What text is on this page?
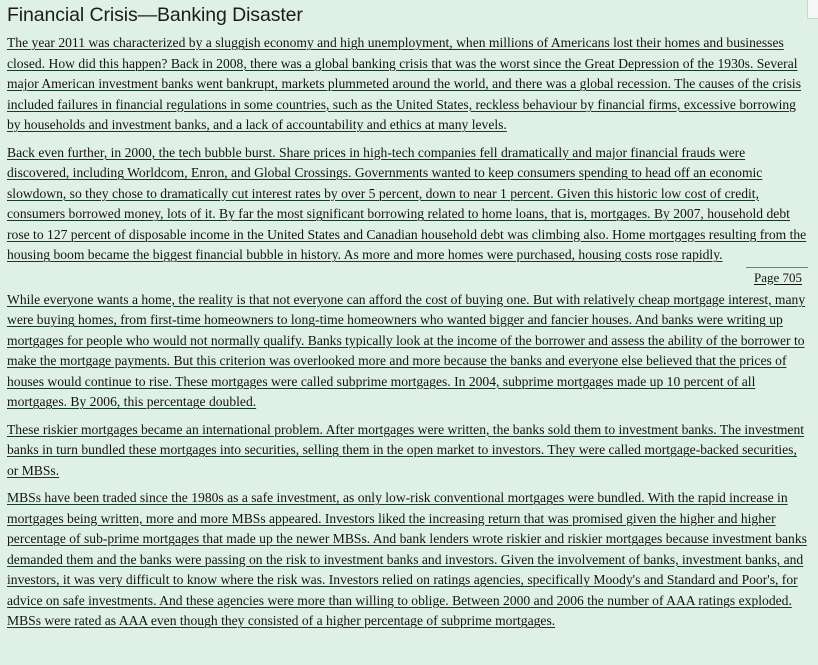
Financial Crisis—Banking Disaster

The year 2011 was characterized by a sluggish economy and high unemployment, when millions of Americans lost their homes and businesses closed. How did this happen? Back in 2008, there was a global banking crisis that was the worst since the Great Depression of the 1930s. Several major American investment banks went bankrupt, markets plummeted around the world, and there was a global recession. The causes of the crisis included failures in financial regulations in some countries, such as the United States, reckless behaviour by financial firms, excessive borrowing by households and investment banks, and a lack of accountability and ethics at many levels.

Back even further, in 2000, the tech bubble burst. Share prices in high-tech companies fell dramatically and major financial frauds were discovered, including Worldcom, Enron, and Global Crossings. Governments wanted to keep consumers spending to head off an economic slowdown, so they chose to dramatically cut interest rates by over 5 percent, down to near 1 percent. Given this historic low cost of credit, consumers borrowed money, lots of it. By far the most significant borrowing related to home loans, that is, mortgages. By 2007, household debt rose to 127 percent of disposable income in the United States and Canadian household debt was climbing also. Home mortgages resulting from the housing boom became the biggest financial bubble in history. As more and more homes were purchased, housing costs rose rapidly.

Page 705

While everyone wants a home, the reality is that not everyone can afford the cost of buying one. But with relatively cheap mortgage interest, many were buying homes, from first-time homeowners to long-time homeowners who wanted bigger and fancier houses. And banks were writing up mortgages for people who would not normally qualify. Banks typically look at the income of the borrower and assess the ability of the borrower to make the mortgage payments. But this criterion was overlooked more and more because the banks and everyone else believed that the prices of houses would continue to rise. These mortgages were called subprime mortgages. In 2004, subprime mortgages made up 10 percent of all mortgages. By 2006, this percentage doubled.

These riskier mortgages became an international problem. After mortgages were written, the banks sold them to investment banks. The investment banks in turn bundled these mortgages into securities, selling them in the open market to investors. They were called mortgage-backed securities, or MBSs.

MBSs have been traded since the 1980s as a safe investment, as only low-risk conventional mortgages were bundled. With the rapid increase in mortgages being written, more and more MBSs appeared. Investors liked the increasing return that was promised given the higher and higher percentage of sub-prime mortgages that made up the newer MBSs. And bank lenders wrote riskier and riskier mortgages because investment banks demanded them and the banks were passing on the risk to investment banks and investors. Given the involvement of banks, investment banks, and investors, it was very difficult to know where the risk was. Investors relied on ratings agencies, specifically Moody's and Standard and Poor's, for advice on safe investments. And these agencies were more than willing to oblige. Between 2000 and 2006 the number of AAA ratings exploded. MBSs were rated as AAA even though they consisted of a higher percentage of subprime mortgages.
